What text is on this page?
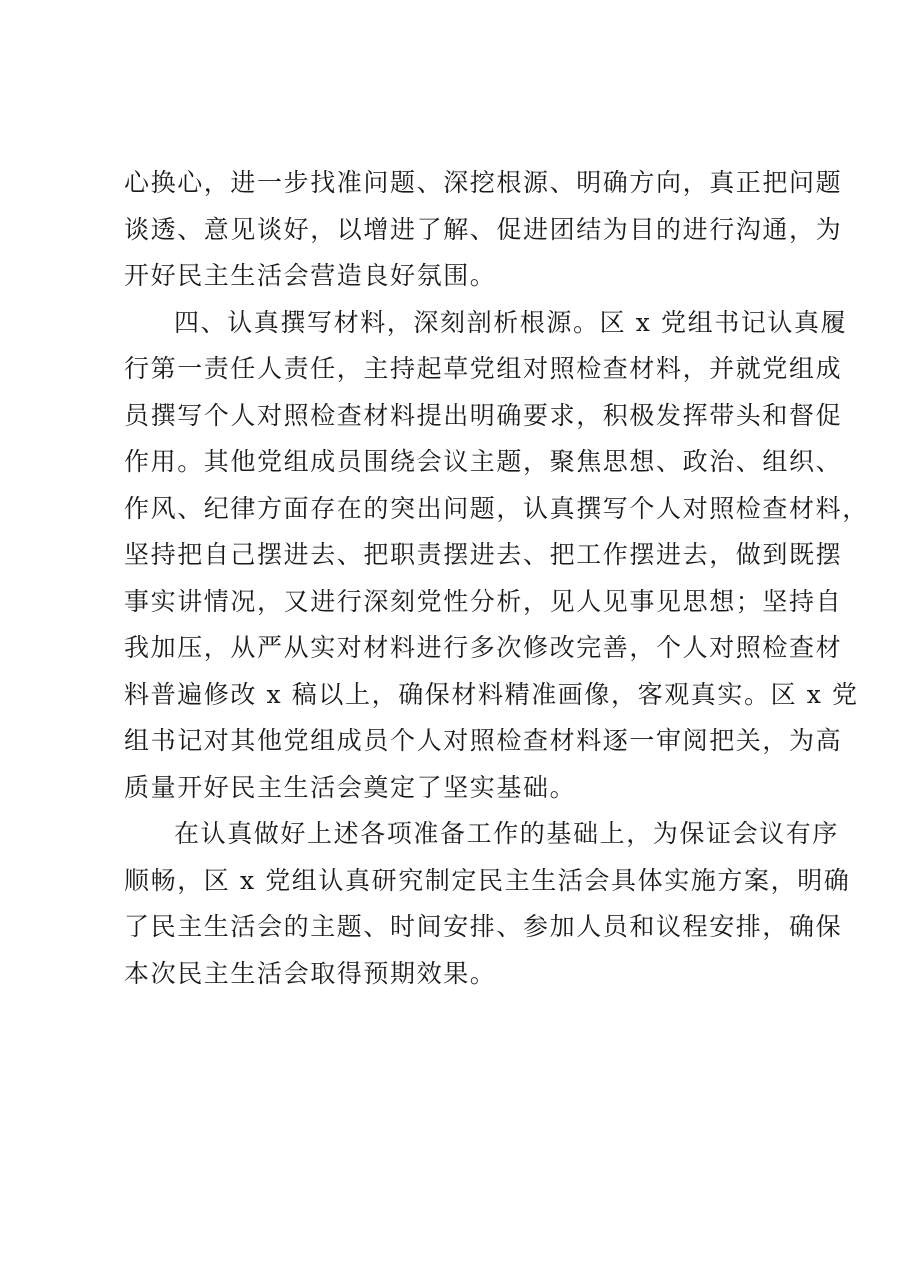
心换心，进一步找准问题、深挖根源、明确方向，真正把问题
谈透、意见谈好，以增进了解、促进团结为目的进行沟通，为
开好民主生活会营造良好氛围。

四、认真撰写材料，深刻剖析根源。区 x 党组书记认真履
行第一责任人责任，主持起草党组对照检查材料，并就党组成
员撰写个人对照检查材料提出明确要求，积极发挥带头和督促
作用。其他党组成员围绕会议主题，聚焦思想、政治、组织、
作风、纪律方面存在的突出问题，认真撰写个人对照检查材料，
坚持把自己摆进去、把职责摆进去、把工作摆进去，做到既摆
事实讲情况，又进行深刻党性分析，见人见事见思想；坚持自
我加压，从严从实对材料进行多次修改完善，个人对照检查材
料普遍修改 x 稿以上，确保材料精准画像，客观真实。区 x 党
组书记对其他党组成员个人对照检查材料逐一审阅把关，为高
质量开好民主生活会奠定了坚实基础。

在认真做好上述各项准备工作的基础上，为保证会议有序
顺畅，区 x 党组认真研究制定民主生活会具体实施方案，明确
了民主生活会的主题、时间安排、参加人员和议程安排，确保
本次民主生活会取得预期效果。
